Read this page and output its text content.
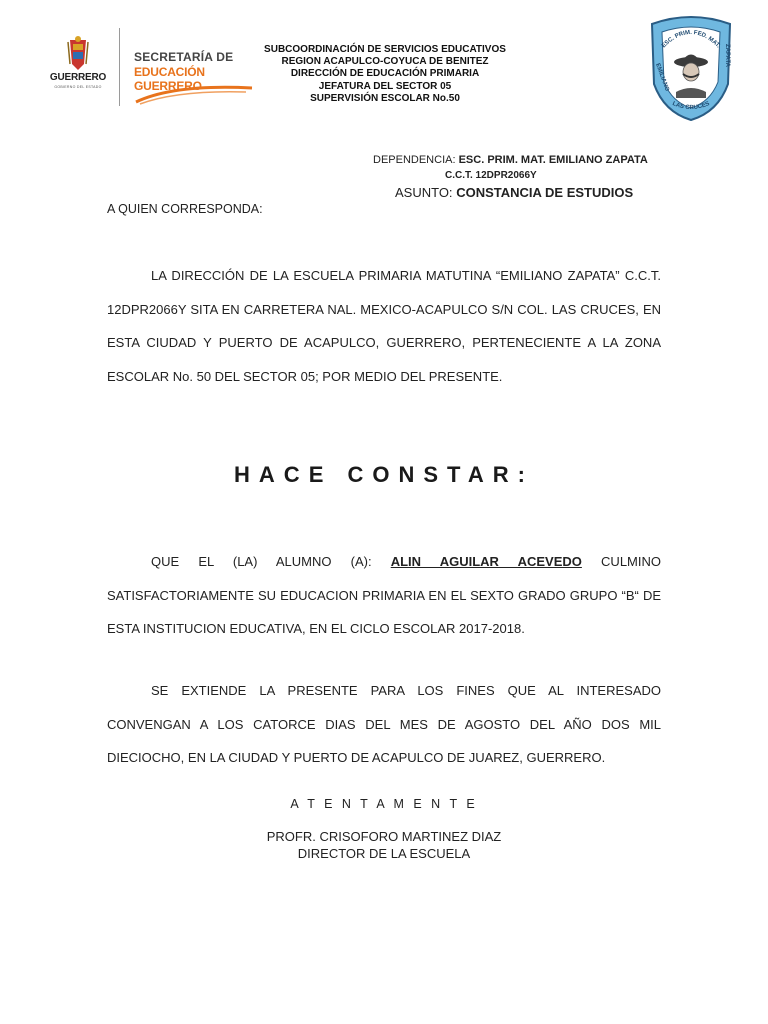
GUERRERO
GOBIERNO DEL ESTADO
SECRETARÍA DE
EDUCACIÓN GUERRERO
SUBCOORDINACIÓN DE SERVICIOS EDUCATIVOS
REGION ACAPULCO-COYUCA DE BENITEZ
DIRECCIÓN DE EDUCACIÓN PRIMARIA
JEFATURA DEL SECTOR 05
SUPERVISIÓN ESCOLAR No.50
ESC. PRIM. FED. MAT.
EMILIANO
ZAPATA
LAS CRUCES
DEPENDENCIA: ESC. PRIM. MAT. EMILIANO ZAPATA
C.C.T. 12DPR2066Y
ASUNTO: CONSTANCIA DE ESTUDIOS
A QUIEN CORRESPONDA:
LA DIRECCIÓN DE LA ESCUELA PRIMARIA MATUTINA “EMILIANO ZAPATA” C.C.T. 12DPR2066Y SITA EN CARRETERA NAL. MEXICO-ACAPULCO S/N COL. LAS CRUCES, EN ESTA CIUDAD Y PUERTO DE ACAPULCO, GUERRERO, PERTENECIENTE A LA ZONA ESCOLAR No. 50 DEL SECTOR 05; POR MEDIO DEL PRESENTE.
HACE CONSTAR:
QUE EL (LA) ALUMNO (A): ALIN AGUILAR ACEVEDO CULMINO SATISFACTORIAMENTE SU EDUCACION PRIMARIA EN EL SEXTO GRADO GRUPO “B“ DE ESTA INSTITUCION EDUCATIVA, EN EL CICLO ESCOLAR 2017-2018.
SE EXTIENDE LA PRESENTE PARA LOS FINES QUE AL INTERESADO CONVENGAN A LOS CATORCE DIAS DEL MES DE AGOSTO DEL AÑO DOS MIL DIECIOCHO, EN LA CIUDAD Y PUERTO DE ACAPULCO DE JUAREZ, GUERRERO.
A T E N T A M E N T E
PROFR. CRISOFORO MARTINEZ DIAZ
DIRECTOR DE LA ESCUELA
